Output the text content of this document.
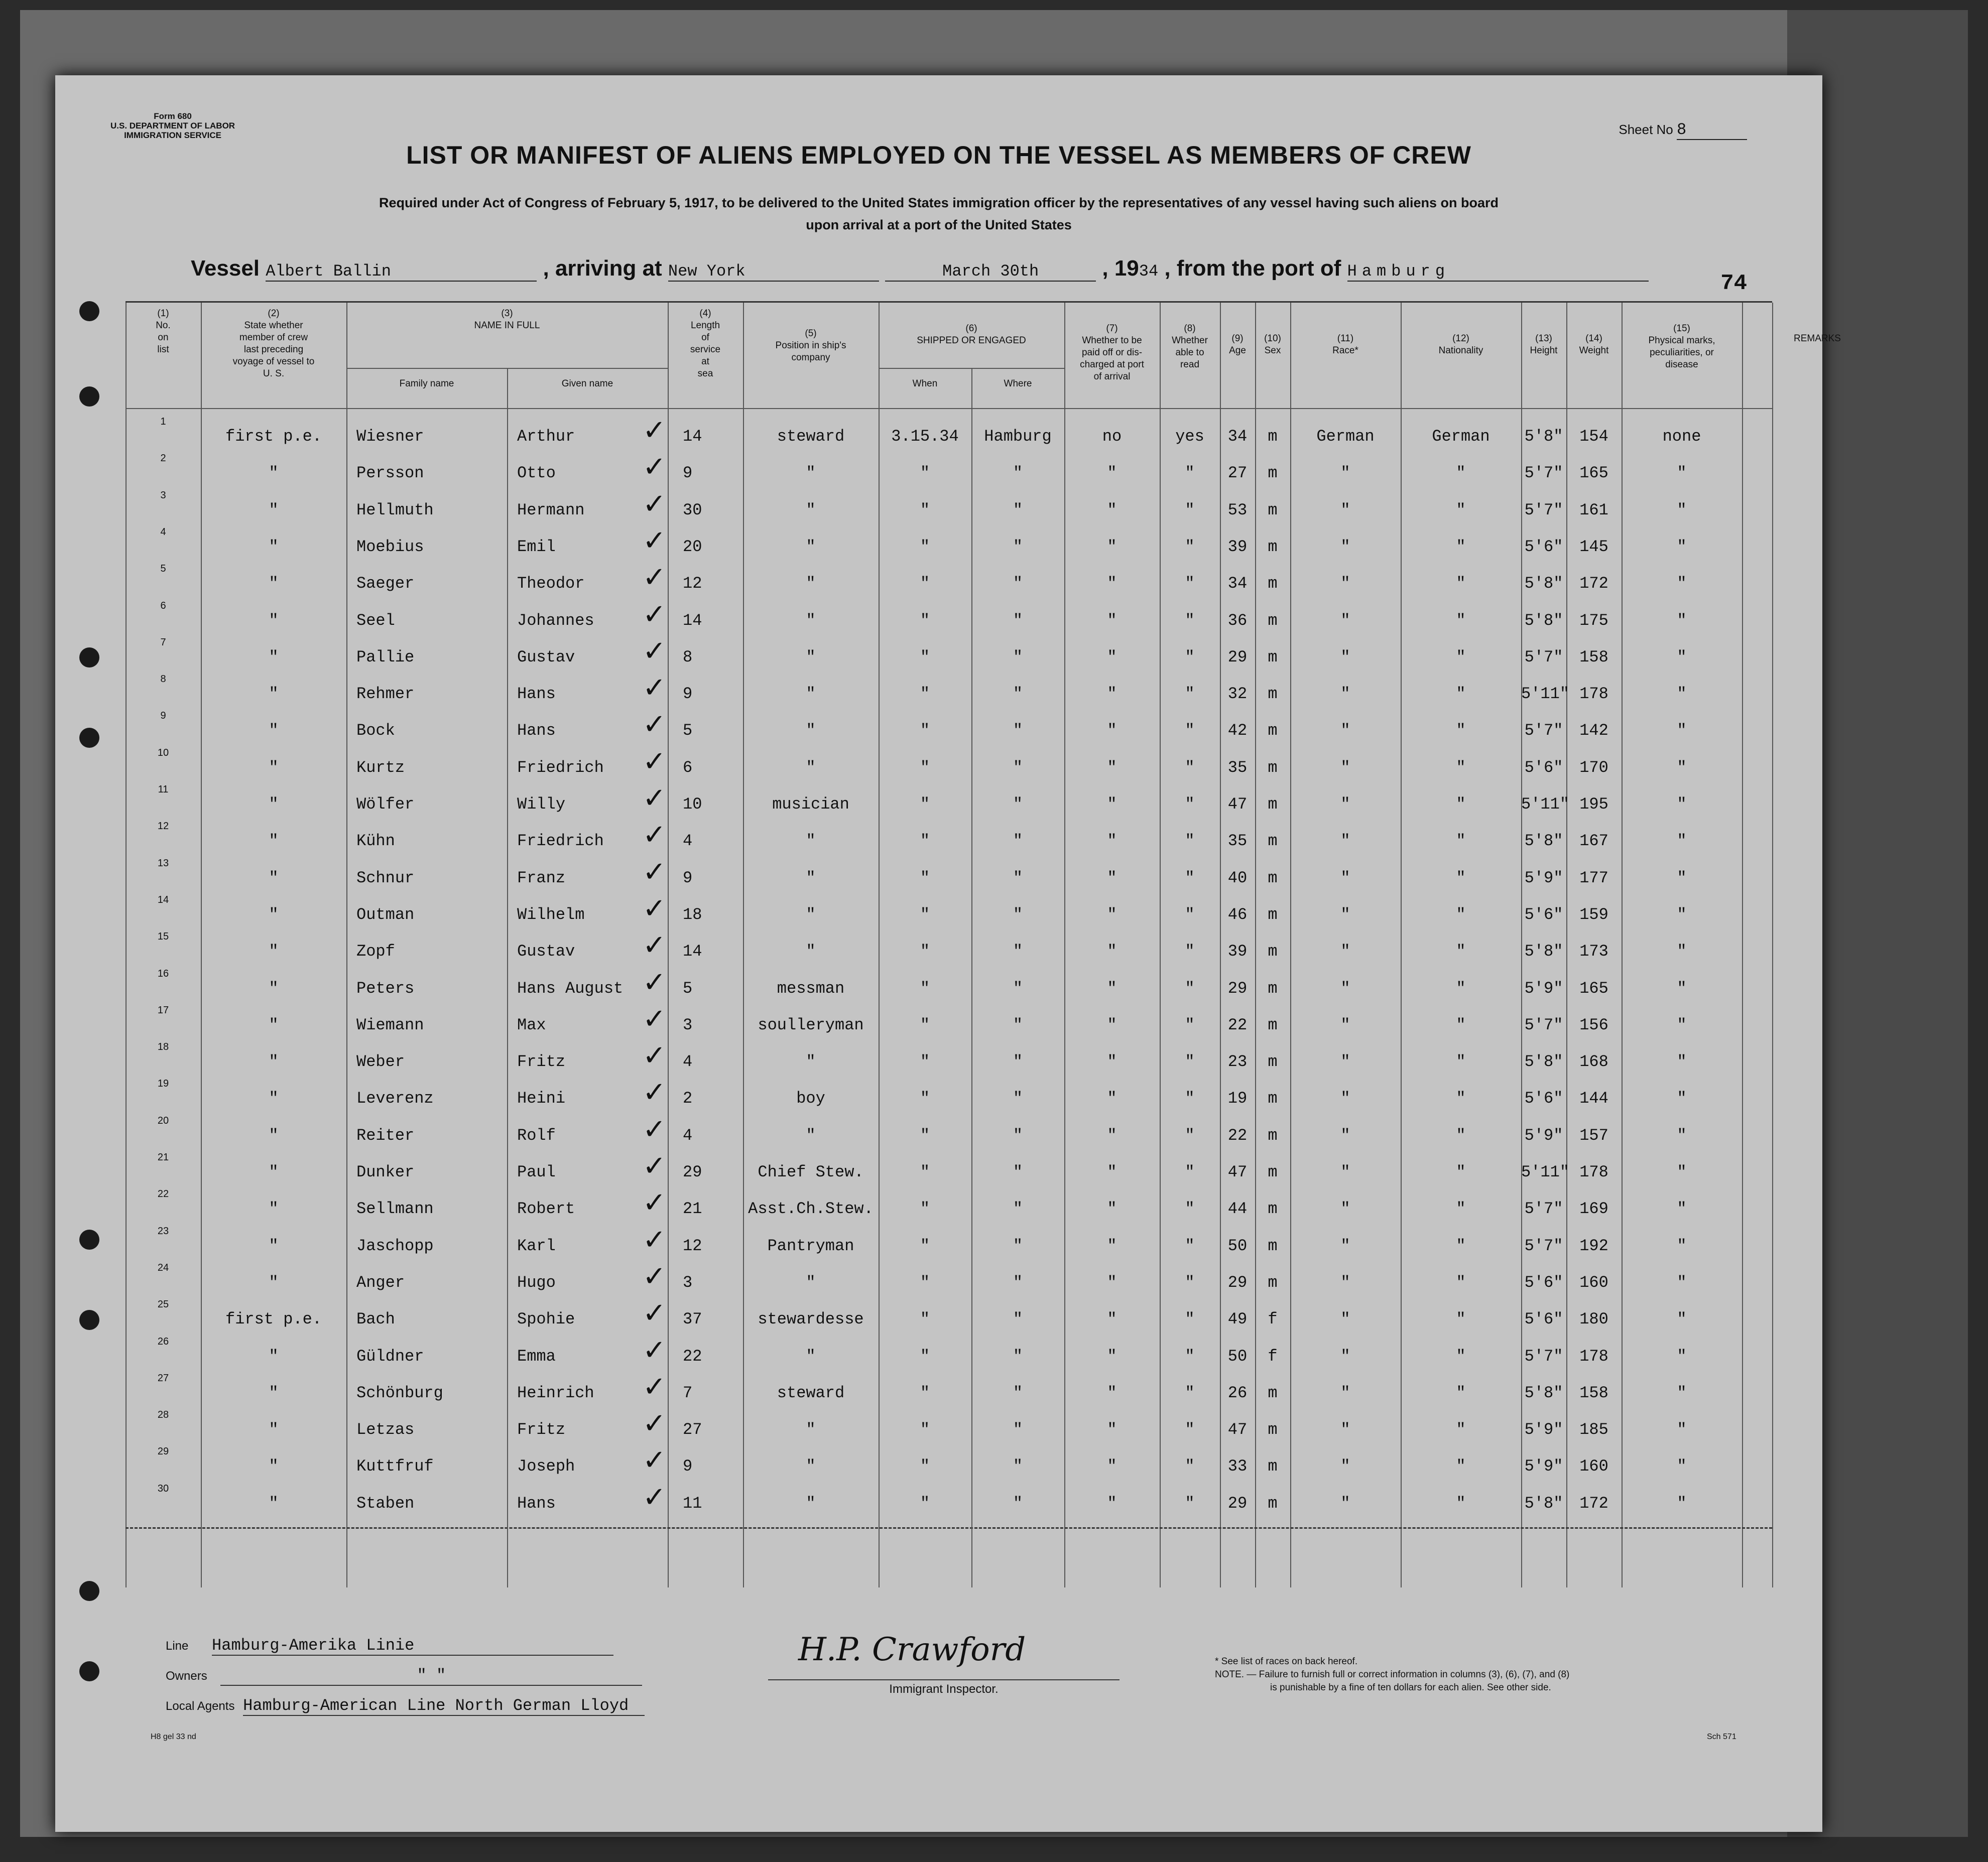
Form 680
U.S. DEPARTMENT OF LABOR
IMMIGRATION SERVICE	Sheet No 8
LIST OR MANIFEST OF ALIENS EMPLOYED ON THE VESSEL AS MEMBERS OF CREW
Required under Act of Congress of February 5, 1917, to be delivered to the United States immigration officer by the representatives of any vessel having such aliens on board
upon arrival at a port of the United States
Vessel Albert Ballin	, arriving at New York	March 30th	, 1934 , from the port of Hamburg	74
(1)
No.
on
list
(2)
State whether
member of crew
last preceding
voyage of vessel to
U. S.
(3)
NAME IN FULL
(4)
Length
of
service
at
sea
(5)
Position in ship's
company
(6)
SHIPPED OR ENGAGED
(7)
Whether to be
paid off or dis-
charged at port
of arrival
(8)
Whether
able to
read
(9)
Age
(10)
Sex
(11)
Race*
(12)
Nationality
(13)
Height
(14)
Weight
(15)
Physical marks,
peculiarities, or
disease
REMARKS
Family name	Given name	When	Where
1
first p.e.	Wiesner	Arthur	14	steward	3.15.34	Hamburg	no	yes	34	m	German	German	5'8"	154	none
✓
2
"	Persson	Otto	9	"	"	"	"	"	27	m	"	"	5'7"	165	"
✓
3
"	Hellmuth	Hermann	30	"	"	"	"	"	53	m	"	"	5'7"	161	"
✓
4
"	Moebius	Emil	20	"	"	"	"	"	39	m	"	"	5'6"	145	"
✓
5
"	Saeger	Theodor	12	"	"	"	"	"	34	m	"	"	5'8"	172	"
✓
6
"	Seel	Johannes	14	"	"	"	"	"	36	m	"	"	5'8"	175	"
✓
7
"	Pallie	Gustav	8	"	"	"	"	"	29	m	"	"	5'7"	158	"
✓
8
"	Rehmer	Hans	9	"	"	"	"	"	32	m	"	"	5'11" 178	"
✓
9
"	Bock	Hans	5	"	"	"	"	"	42	m	"	"	5'7"	142	"
✓
10
"	Kurtz	Friedrich	6	"	"	"	"	"	35	m	"	"	5'6"	170	"
✓
11
"	Wölfer	Willy	10	musician	"	"	"	"	47	m	"	"	5'11" 195	"
✓
12
"	Kühn	Friedrich	4	"	"	"	"	"	35	m	"	"	5'8"	167	"
✓
13
"	Schnur	Franz	9	"	"	"	"	"	40	m	"	"	5'9"	177	"
✓
14
"	Outman	Wilhelm	18	"	"	"	"	"	46	m	"	"	5'6"	159	"
✓
15
"	Zopf	Gustav	14	"	"	"	"	"	39	m	"	"	5'8"	173	"
✓
16
"	Peters	Hans August	5	messman	"	"	"	"	29	m	"	"	5'9"	165	"
✓
17
"	Wiemann	Max	3	soulleryman	"	"	"	"	22	m	"	"	5'7"	156	"
✓
18
"	Weber	Fritz	4	"	"	"	"	"	23	m	"	"	5'8"	168	"
✓
19
"	Leverenz	Heini	2	boy	"	"	"	"	19	m	"	"	5'6"	144	"
✓
20
"	Reiter	Rolf	4	"	"	"	"	"	22	m	"	"	5'9"	157	"
✓
21
"	Dunker	Paul	29	Chief Stew.	"	"	"	"	47	m	"	"	5'11" 178	"
✓
22
"	Sellmann	Robert	21	Asst.Ch.Stew.	"	"	"	"	44	m	"	"	5'7"	169	"
✓
23
"	Jaschopp	Karl	12	Pantryman	"	"	"	"	50	m	"	"	5'7"	192	"
✓
24
"	Anger	Hugo	3	"	"	"	"	"	29	m	"	"	5'6"	160	"
✓
25
first p.e.	Bach	Spohie	37	stewardesse	"	"	"	"	49	f	"	"	5'6"	180	"
✓
26
"	Güldner	Emma	22	"	"	"	"	"	50	f	"	"	5'7"	178	"
✓
27
"	Schönburg	Heinrich	7	steward	"	"	"	"	26	m	"	"	5'8"	158	"
✓
28
"	Letzas	Fritz	27	"	"	"	"	"	47	m	"	"	5'9"	185	"
✓
29
"	Kuttfruf	Joseph	9	"	"	"	"	"	33	m	"	"	5'9"	160	"
✓
30
"	Staben	Hans	11	"	"	"	"	"	29	m	"	"	5'8"	172	"
✓
Line Hamburg-Amerika Linie
Owners	" "
Local Agents Hamburg-American Line North German Lloyd
H.P. Crawford
Immigrant Inspector.
* See list of races on back hereof.
NOTE. — Failure to furnish full or correct information in columns (3), (6), (7), and (8)
is punishable by a fine of ten dollars for each alien. See other side.
H8 gel 33 nd	Sch 571
